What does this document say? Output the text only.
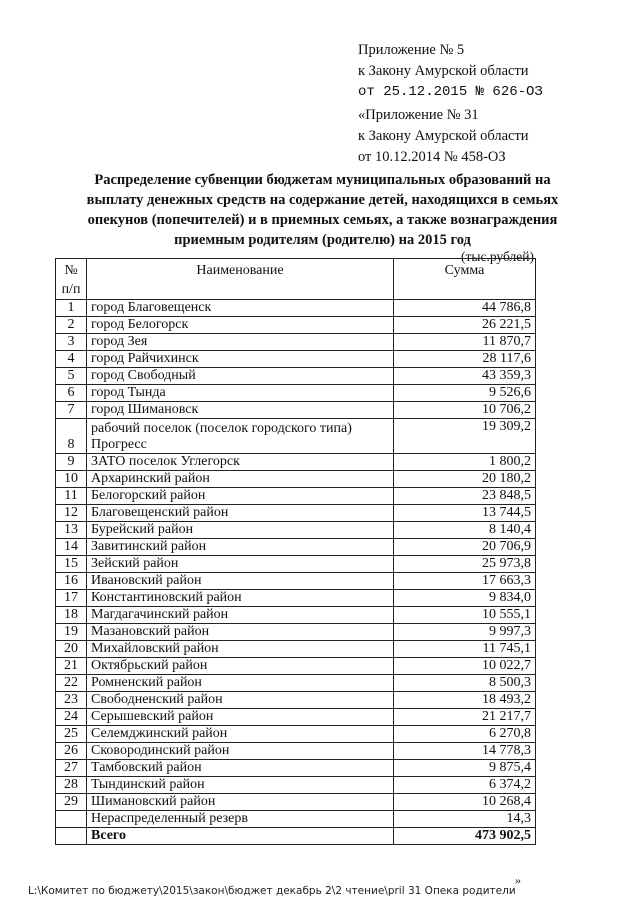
Приложение № 5
к Закону Амурской области
от 25.12.2015 № 626-ОЗ
«Приложение № 31
к Закону Амурской области
от 10.12.2014 № 458-ОЗ
Распределение субвенции бюджетам муниципальных образований на
выплату денежных средств на содержание детей, находящихся в семьях
опекунов (попечителей) и в приемных семьях, а также вознаграждения
приемным родителям (родителю) на 2015 год
(тыс.рублей)
№ п/п	Наименование	Сумма
1	город Благовещенск	44 786,8
2	город Белогорск	26 221,5
3	город Зея	11 870,7
4	город Райчихинск	28 117,6
5	город Свободный	43 359,3
6	город Тында	9 526,6
7	город Шимановск	10 706,2
8	рабочий поселок (поселок городского типа) Прогресс	19 309,2
9	ЗАТО поселок Углегорск	1 800,2
10	Архаринский район	20 180,2
11	Белогорский район	23 848,5
12	Благовещенский район	13 744,5
13	Бурейский район	8 140,4
14	Завитинский район	20 706,9
15	Зейский район	25 973,8
16	Ивановский район	17 663,3
17	Константиновский район	9 834,0
18	Магдагачинский район	10 555,1
19	Мазановский район	9 997,3
20	Михайловский район	11 745,1
21	Октябрьский район	10 022,7
22	Ромненский район	8 500,3
23	Свободненский район	18 493,2
24	Серышевский район	21 217,7
25	Селемджинский район	6 270,8
26	Сковородинский район	14 778,3
27	Тамбовский район	9 875,4
28	Тындинский район	6 374,2
29	Шимановский район	10 268,4
	Нераспределенный резерв	14,3
	Всего	473 902,5
»
L:\Комитет по бюджету\2015\закон\бюджет декабрь 2\2 чтение\pril 31 Опека родители
